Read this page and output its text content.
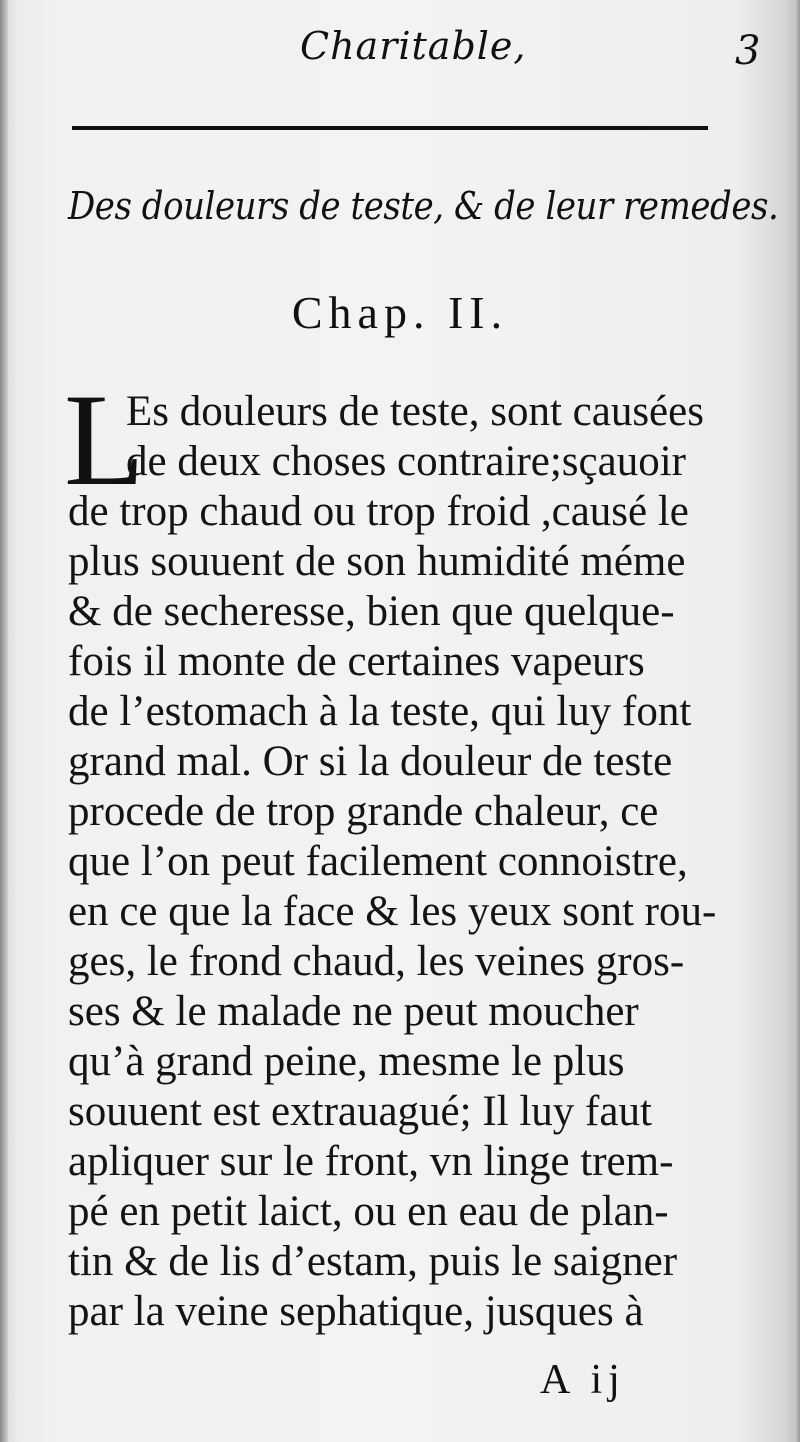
Charitable,	3
Des douleurs de teste, & de leur remedes.
Chap. II.
L
Es douleurs de teste, sont causées
de deux choses contraire;sçauoir
de trop chaud ou trop froid ,causé le
plus souuent de son humidité méme
& de secheresse, bien que quelque-
fois il monte de certaines vapeurs
de l’estomach à la teste, qui luy font
grand mal. Or si la douleur de teste
procede de trop grande chaleur, ce
que l’on peut facilement connoistre,
en ce que la face & les yeux sont rou-
ges, le frond chaud, les veines gros-
ses & le malade ne peut moucher
qu’à grand peine, mesme le plus
souuent est extrauagué; Il luy faut
apliquer sur le front, vn linge trem-
pé en petit laict, ou en eau de plan-
tin & de lis d’estam, puis le saigner
par la veine sephatique, jusques à
A ij
